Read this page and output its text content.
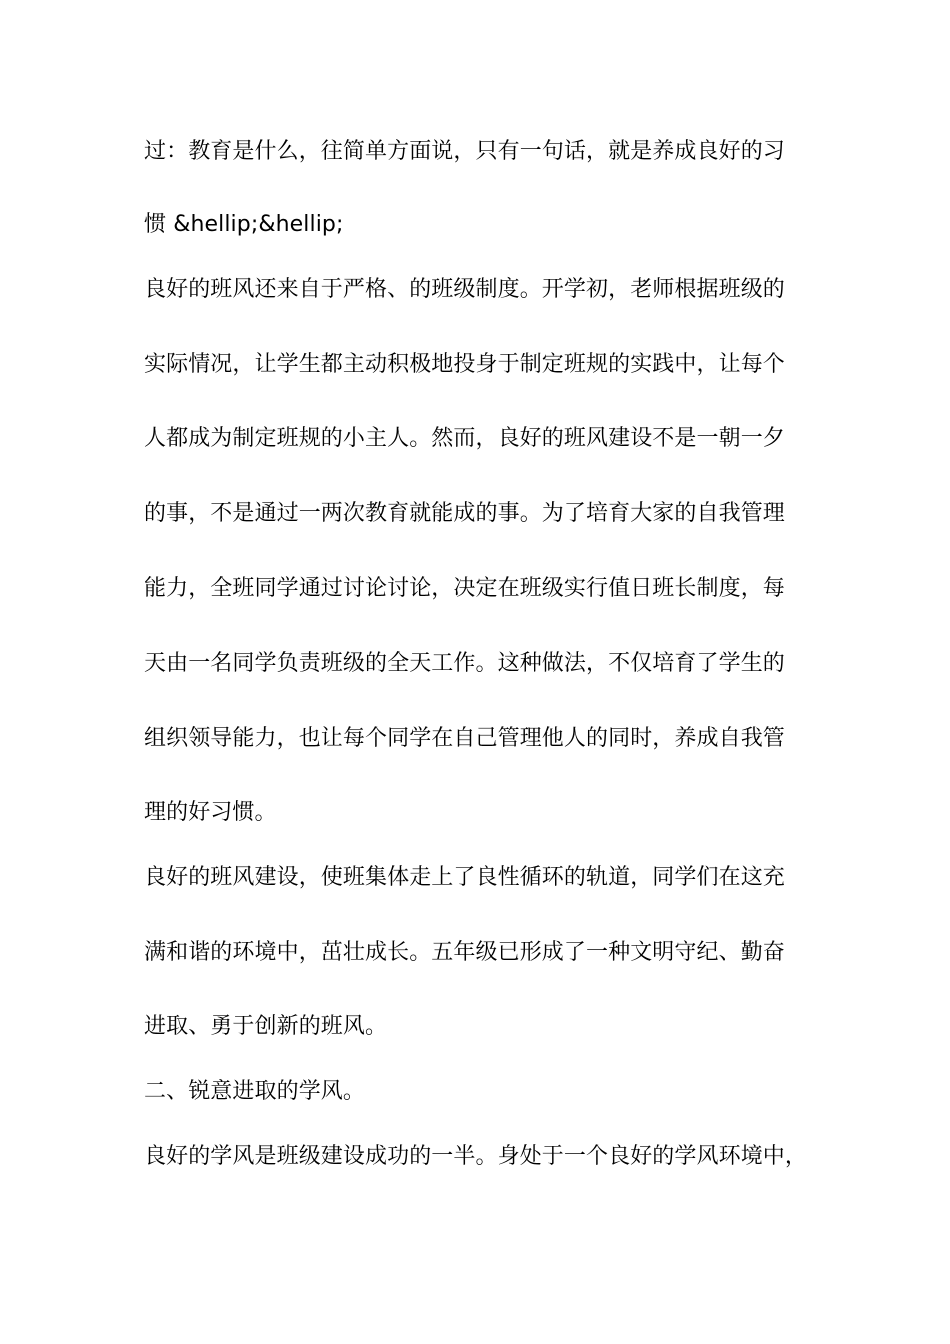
过：教育是什么，往简单方面说，只有一句话，就是养成良好的习
惯 &hellip;&hellip;
良好的班风还来自于严格、的班级制度。开学初，老师根据班级的
实际情况，让学生都主动积极地投身于制定班规的实践中，让每个
人都成为制定班规的小主人。然而，良好的班风建设不是一朝一夕
的事，不是通过一两次教育就能成的事。为了培育大家的自我管理
能力，全班同学通过讨论讨论，决定在班级实行值日班长制度，每
天由一名同学负责班级的全天工作。这种做法，不仅培育了学生的
组织领导能力，也让每个同学在自己管理他人的同时，养成自我管
理的好习惯。
良好的班风建设，使班集体走上了良性循环的轨道，同学们在这充
满和谐的环境中，茁壮成长。五年级已形成了一种文明守纪、勤奋
进取、勇于创新的班风。
二、锐意进取的学风。
良好的学风是班级建设成功的一半。身处于一个良好的学风环境中，
